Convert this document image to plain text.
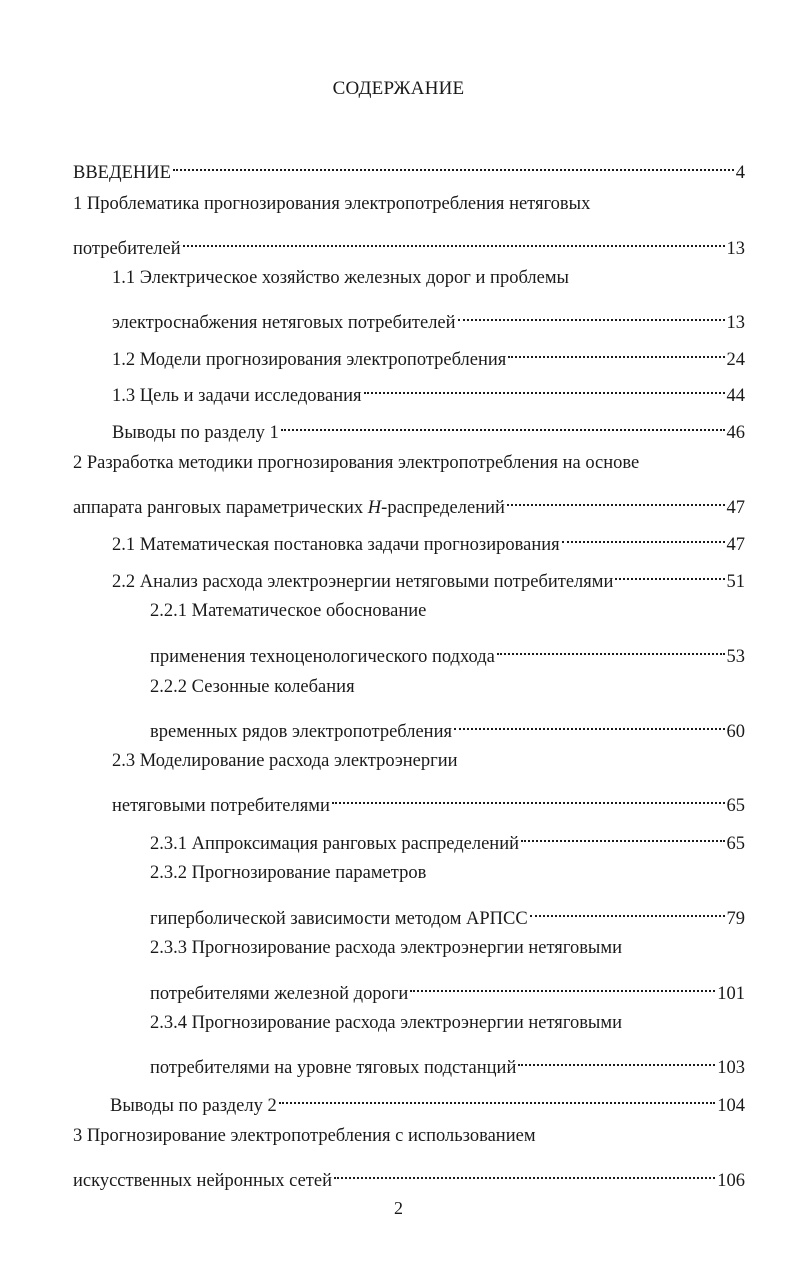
СОДЕРЖАНИЕ
ВВЕДЕНИЕ	4
1 Проблематика прогнозирования электропотребления нетяговых
потребителей	13
1.1 Электрическое хозяйство железных дорог и проблемы
электроснабжения нетяговых потребителей	13
1.2 Модели прогнозирования электропотребления	24
1.3 Цель и задачи исследования	44
Выводы по разделу 1	46
2 Разработка методики прогнозирования электропотребления на основе
аппарата ранговых параметрических H-распределений	47
2.1 Математическая постановка задачи прогнозирования	47
2.2 Анализ расхода электроэнергии нетяговыми потребителями	51
2.2.1 Математическое обоснование
применения техноценологического подхода	53
2.2.2 Сезонные колебания
временных рядов электропотребления	60
2.3 Моделирование расхода электроэнергии
нетяговыми потребителями	65
2.3.1 Аппроксимация ранговых распределений	65
2.3.2 Прогнозирование параметров
гиперболической зависимости методом АРПСС	79
2.3.3 Прогнозирование расхода электроэнергии нетяговыми
потребителями железной дороги	101
2.3.4 Прогнозирование расхода электроэнергии нетяговыми
потребителями на уровне тяговых подстанций	103
Выводы по разделу 2	104
3 Прогнозирование электропотребления с использованием
искусственных нейронных сетей	106
2
